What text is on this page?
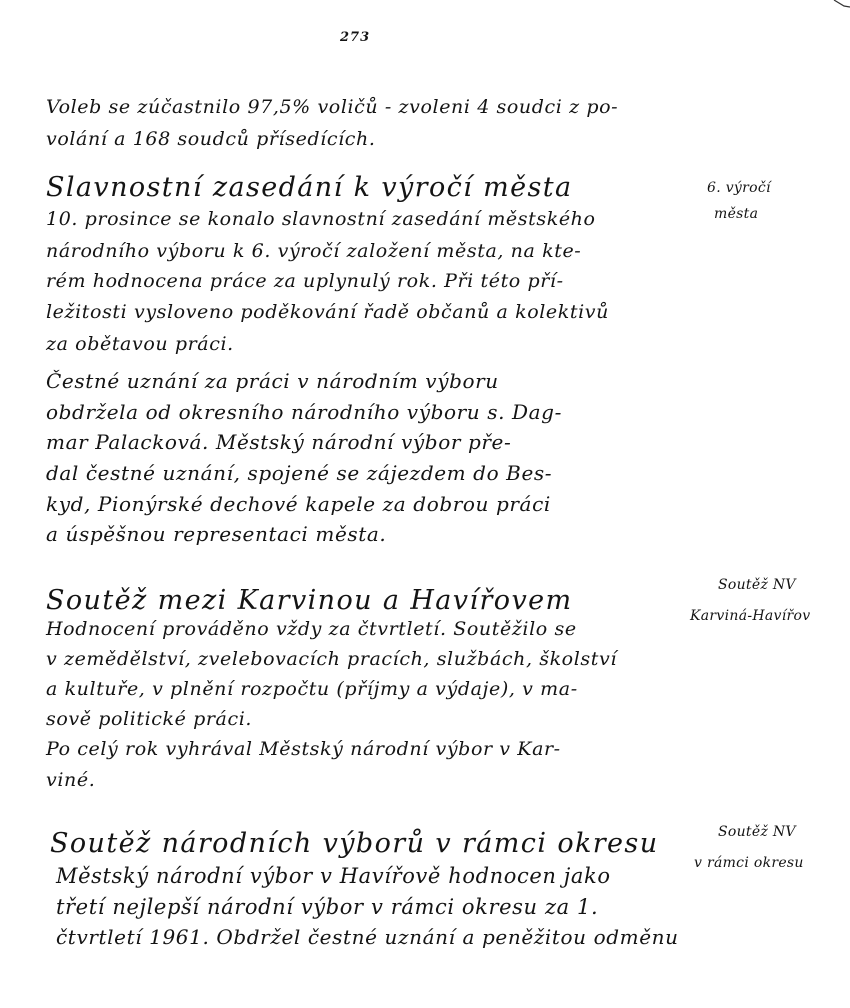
273
Voleb se zúčastnilo 97,5% voličů - zvoleni 4 soudci z po-
volání a 168 soudců přísedících.
Slavnostní zasedání k výročí města	6. výročí
města
10. prosince se konalo slavnostní zasedání městského
národního výboru k 6. výročí založení města, na kte-
rém hodnocena práce za uplynulý rok. Při této pří-
ležitosti vysloveno poděkování řadě občanů a kolektivů
za obětavou práci.
Čestné uznání za práci v národním výboru
obdržela od okresního národního výboru s. Dag-
mar Palacková. Městský národní výbor pře-
dal čestné uznání, spojené se zájezdem do Bes-
kyd, Pionýrské dechové kapele za dobrou práci
a úspěšnou representaci města.
Soutěž mezi Karvinou a Havířovem	Soutěž NV
Karviná-Havířov
Hodnocení prováděno vždy za čtvrtletí. Soutěžilo se
v zemědělství, zvelebovacích pracích, službách, školství
a kultuře, v plnění rozpočtu (příjmy a výdaje), v ma-
sově politické práci.
Po celý rok vyhrával Městský národní výbor v Kar-
viné.
Soutěž národních výborů v rámci okresu	Soutěž NV
v rámci okresu
Městský národní výbor v Havířově hodnocen jako
třetí nejlepší národní výbor v rámci okresu za 1.
čtvrtletí 1961. Obdržel čestné uznání a peněžitou odměnu
